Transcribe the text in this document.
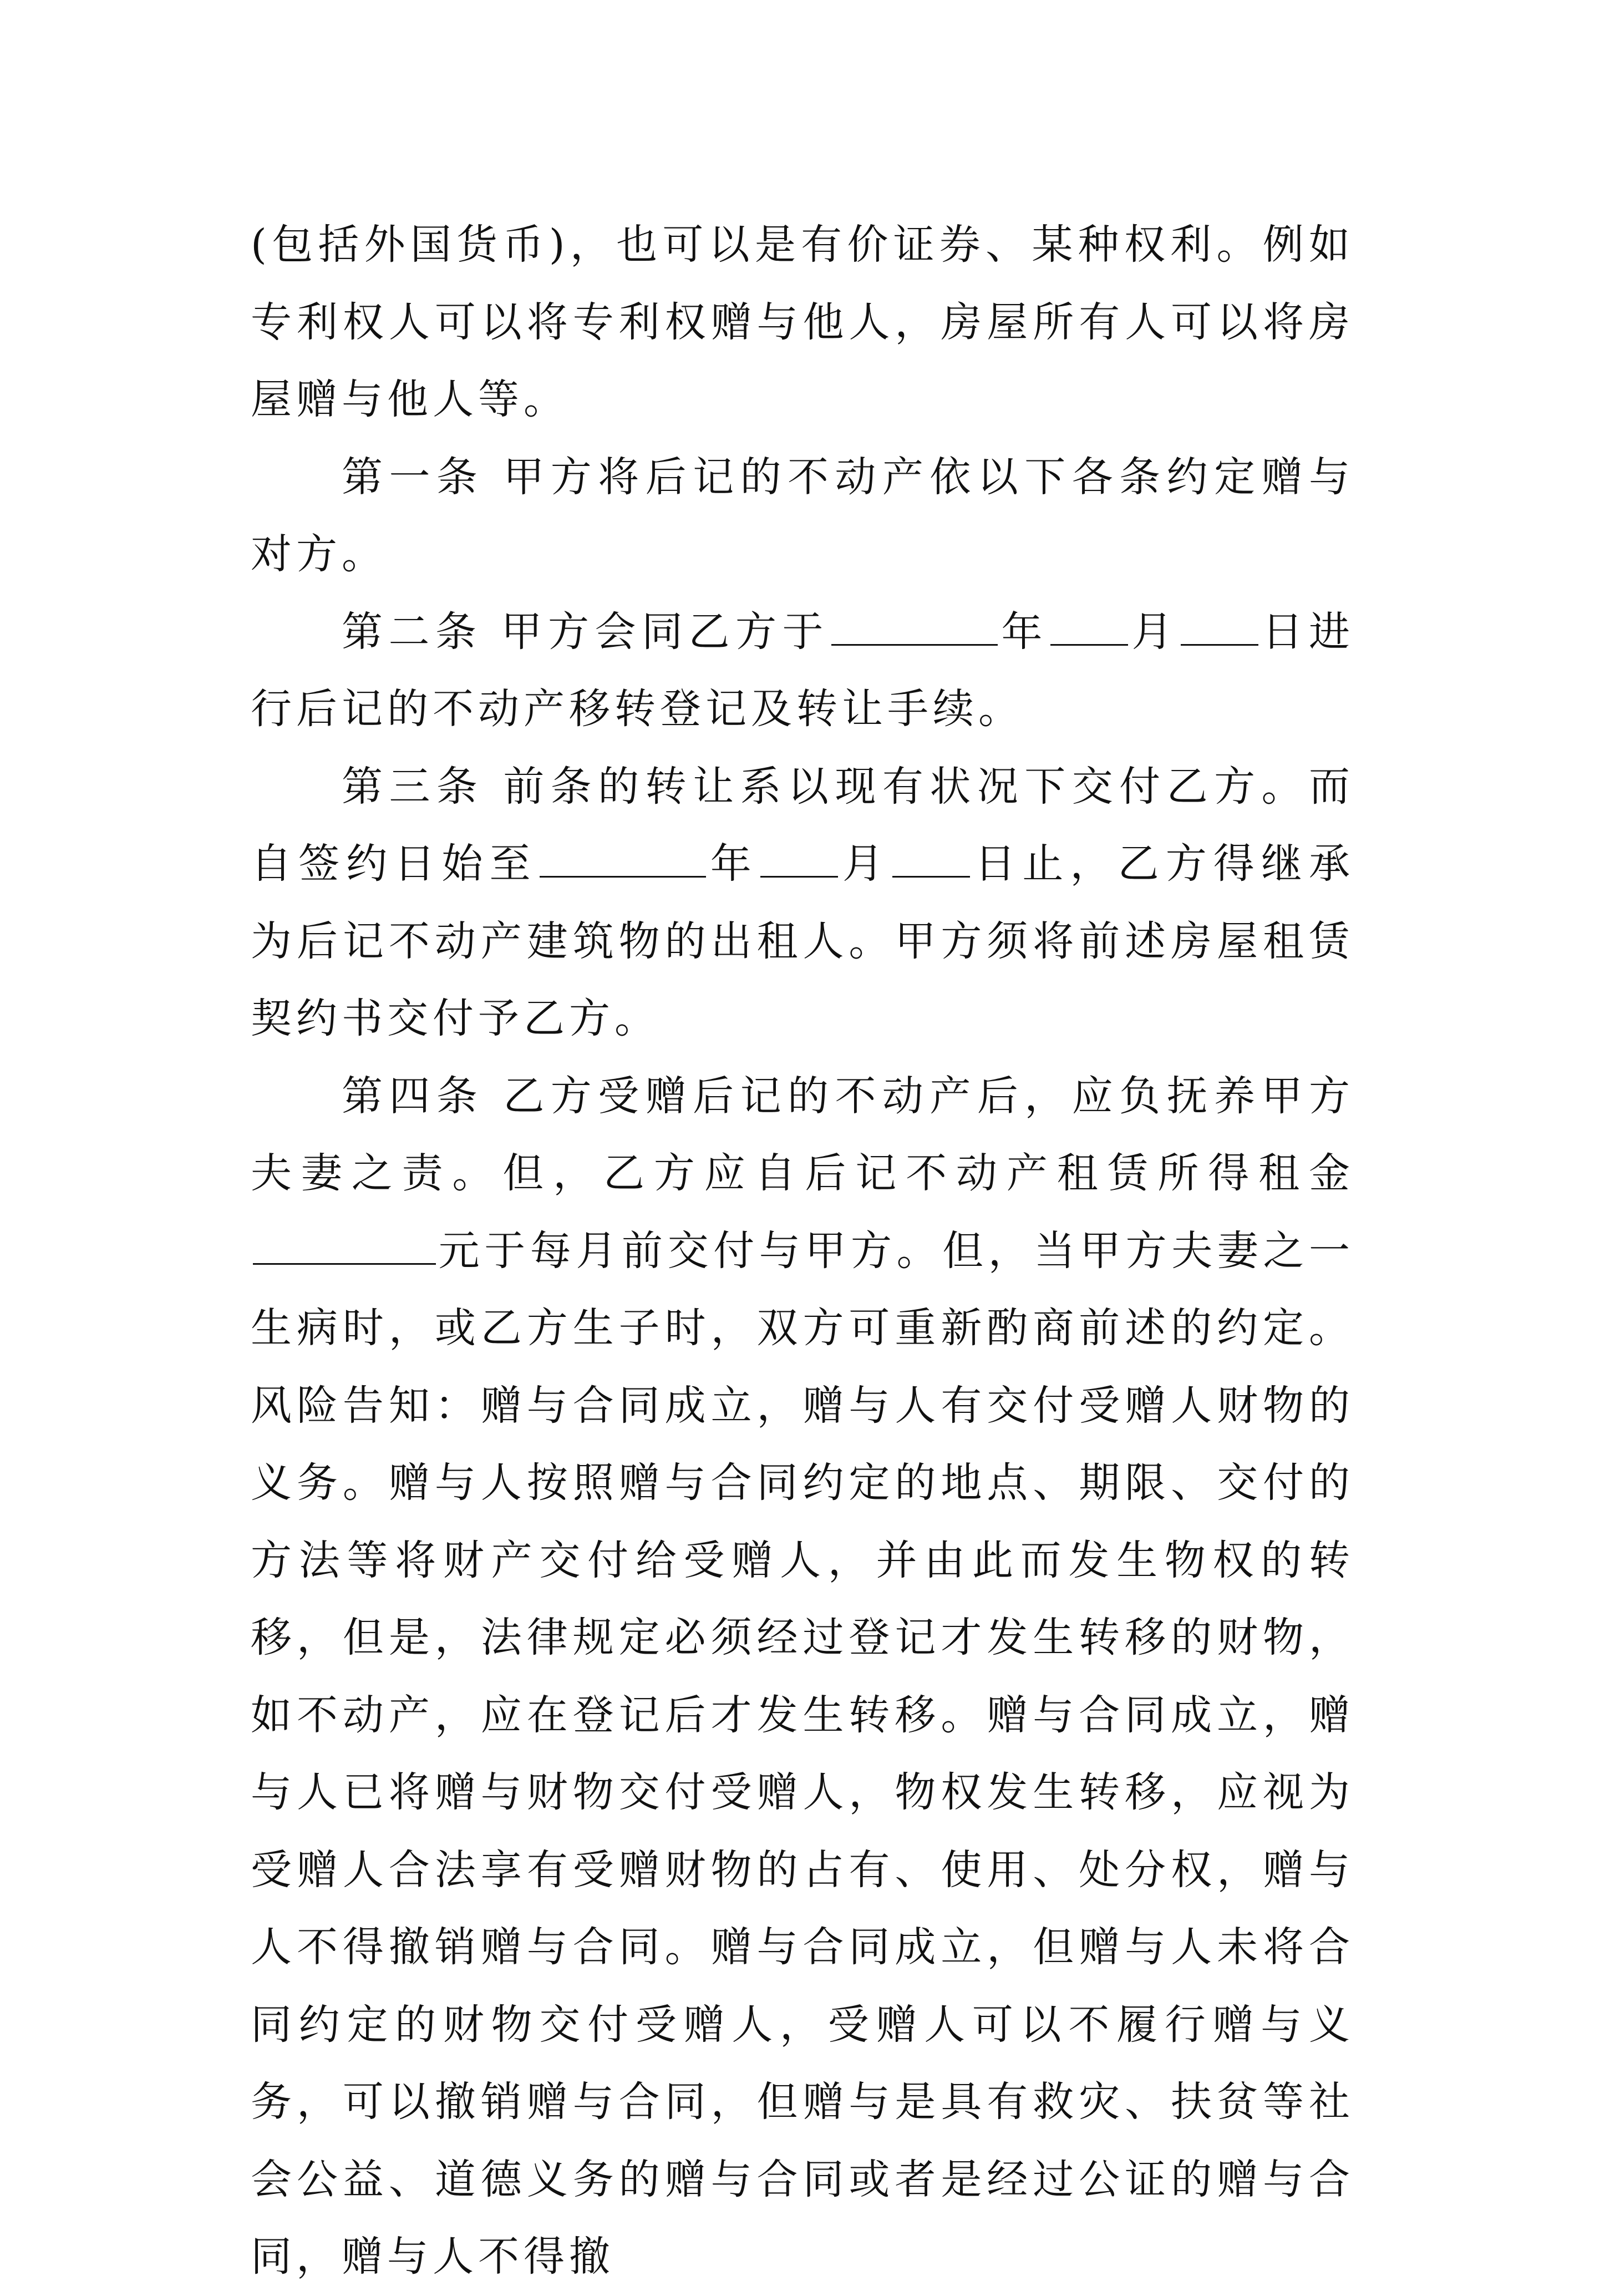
(包括外国货币)，也可以是有价证券、某种权利。例如专利权人可以将专利权赠与他人，房屋所有人可以将房屋赠与他人等。

第一条 甲方将后记的不动产依以下各条约定赠与对方。

第二条 甲方会同乙方于	年 月 日进行后记的不动产移转登记及转让手续。

第三条 前条的转让系以现有状况下交付乙方。而自签约日始至	年 月 日止，乙方得继承为后记不动产建筑物的出租人。甲方须将前述房屋租赁契约书交付予乙方。

第四条 乙方受赠后记的不动产后，应负抚养甲方夫妻之责。但，乙方应自后记不动产租赁所得租金元于每月前交付与甲方。但，当甲方夫妻之一生病时，或乙方生子时，双方可重新酌商前述的约定。风险告知：赠与合同成立，赠与人有交付受赠人财物的义务。赠与人按照赠与合同约定的地点、期限、交付的方法等将财产交付给受赠人，并由此而发生物权的转移，但是，法律规定必须经过登记才发生转移的财物，如不动产，应在登记后才发生转移。赠与合同成立，赠与人已将赠与财物交付受赠人，物权发生转移，应视为受赠人合法享有受赠财物的占有、使用、处分权，赠与人不得撤销赠与合同。赠与合同成立，但赠与人未将合同约定的财物交付受赠人，受赠人可以不履行赠与义务，可以撤销赠与合同，但赠与是具有救灾、扶贫等社会公益、道德义务的赠与合同或者是经过公证的赠与合同，赠与人不得撤
